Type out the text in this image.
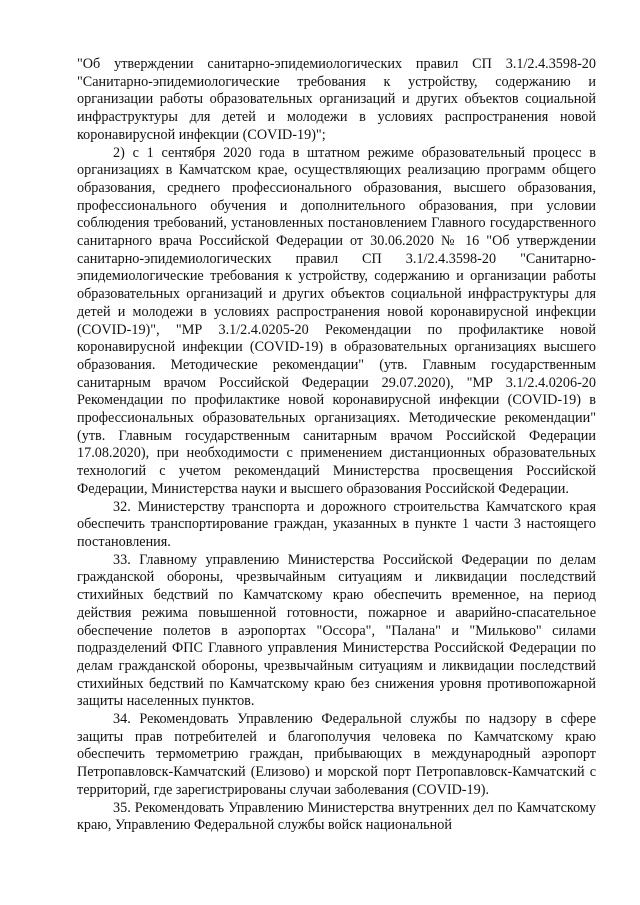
"Об утверждении санитарно-эпидемиологических правил СП 3.1/2.4.3598-20 "Санитарно-эпидемиологические требования к устройству, содержанию и организации работы образовательных организаций и других объектов социальной инфраструктуры для детей и молодежи в условиях распространения новой коронавирусной инфекции (COVID-19)";

2) с 1 сентября 2020 года в штатном режиме образовательный процесс в организациях в Камчатском крае, осуществляющих реализацию программ общего образования, среднего профессионального образования, высшего образования, профессионального обучения и дополнительного образования, при условии соблюдения требований, установленных постановлением Главного государственного санитарного врача Российской Федерации от 30.06.2020 № 16 "Об утверждении санитарно-эпидемиологических правил СП 3.1/2.4.3598-20 "Санитарно-эпидемиологические требования к устройству, содержанию и организации работы образовательных организаций и других объектов социальной инфраструктуры для детей и молодежи в условиях распространения новой коронавирусной инфекции (COVID-19)", "МР 3.1/2.4.0205-20 Рекомендации по профилактике новой коронавирусной инфекции (COVID-19) в образовательных организациях высшего образования. Методические рекомендации" (утв. Главным государственным санитарным врачом Российской Федерации 29.07.2020), "МР 3.1/2.4.0206-20 Рекомендации по профилактике новой коронавирусной инфекции (COVID-19) в профессиональных образовательных организациях. Методические рекомендации" (утв. Главным государственным санитарным врачом Российской Федерации 17.08.2020), при необходимости с применением дистанционных образовательных технологий с учетом рекомендаций Министерства просвещения Российской Федерации, Министерства науки и высшего образования Российской Федерации.

32. Министерству транспорта и дорожного строительства Камчатского края обеспечить транспортирование граждан, указанных в пункте 1 части 3 настоящего постановления.

33. Главному управлению Министерства Российской Федерации по делам гражданской обороны, чрезвычайным ситуациям и ликвидации последствий стихийных бедствий по Камчатскому краю обеспечить временное, на период действия режима повышенной готовности, пожарное и аварийно-спасательное обеспечение полетов в аэропортах "Оссора", "Палана" и "Мильково" силами подразделений ФПС Главного управления Министерства Российской Федерации по делам гражданской обороны, чрезвычайным ситуациям и ликвидации последствий стихийных бедствий по Камчатскому краю без снижения уровня противопожарной защиты населенных пунктов.

34. Рекомендовать Управлению Федеральной службы по надзору в сфере защиты прав потребителей и благополучия человека по Камчатскому краю обеспечить термометрию граждан, прибывающих в международный аэропорт Петропавловск-Камчатский (Елизово) и морской порт Петропавловск-Камчатский с территорий, где зарегистрированы случаи заболевания (COVID-19).

35. Рекомендовать Управлению Министерства внутренних дел по Камчатскому краю, Управлению Федеральной службы войск национальной
